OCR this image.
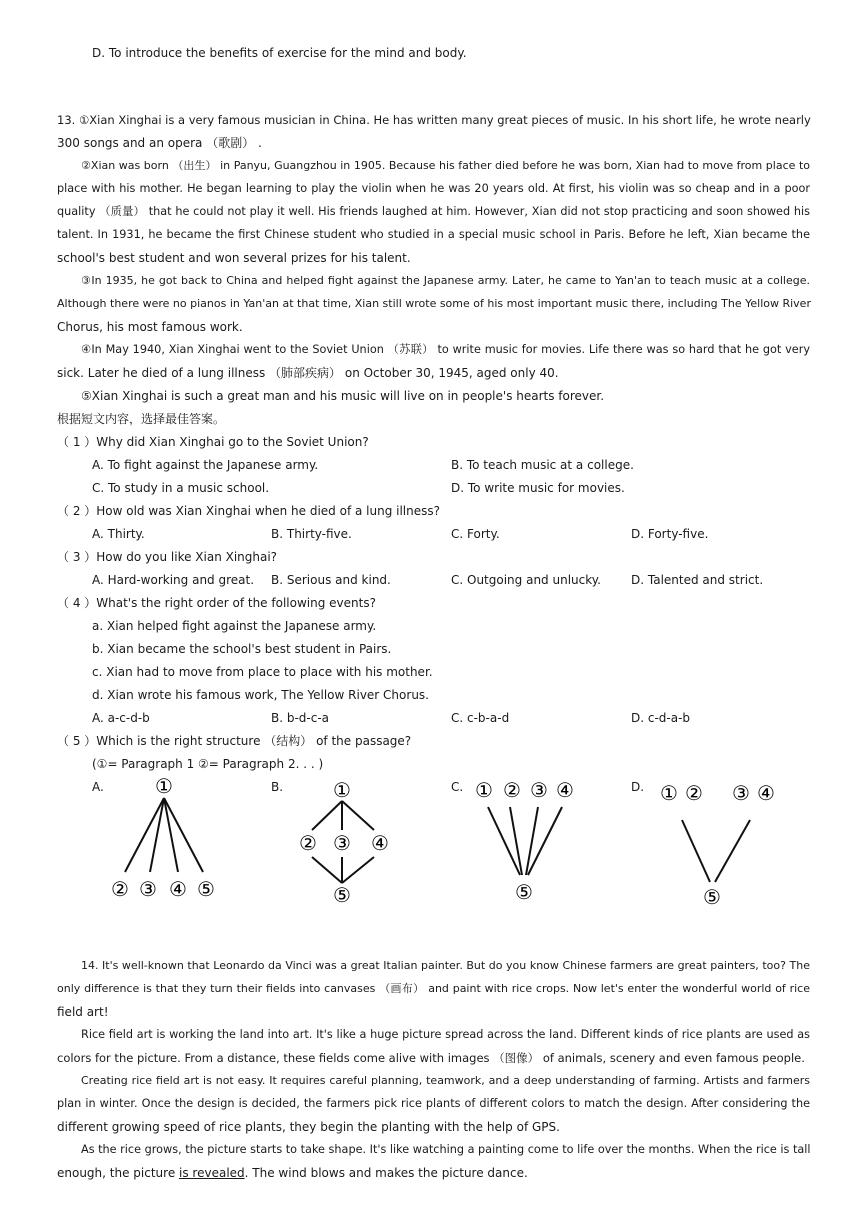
D. To introduce the benefits of exercise for the mind and body.
13. ①Xian Xinghai is a very famous musician in China. He has written many great pieces of music. In his short life, he wrote nearly
300 songs and an opera （歌剧） .
②Xian was born （出生） in Panyu, Guangzhou in 1905. Because his father died before he was born, Xian had to move from place to
place with his mother. He began learning to play the violin when he was 20 years old. At first, his violin was so cheap and in a poor
quality （质量） that he could not play it well. His friends laughed at him. However, Xian did not stop practicing and soon showed his
talent. In 1931, he became the first Chinese student who studied in a special music school in Paris. Before he left, Xian became the
school's best student and won several prizes for his talent.
③In 1935, he got back to China and helped fight against the Japanese army. Later, he came to Yan'an to teach music at a college.
Although there were no pianos in Yan'an at that time, Xian still wrote some of his most important music there, including The Yellow River
Chorus, his most famous work.
④In May 1940, Xian Xinghai went to the Soviet Union （苏联） to write music for movies. Life there was so hard that he got very
sick. Later he died of a lung illness （肺部疾病） on October 30, 1945, aged only 40.
⑤Xian Xinghai is such a great man and his music will live on in people's hearts forever.
根据短文内容，选择最佳答案。
（ 1 ）Why did Xian Xinghai go to the Soviet Union?
A. To fight against the Japanese army.	B. To teach music at a college.
C. To study in a music school.	D. To write music for movies.
（ 2 ）How old was Xian Xinghai when he died of a lung illness?
A. Thirty.	B. Thirty-five.	C. Forty.	D. Forty-five.
（ 3 ）How do you like Xian Xinghai?
A. Hard-working and great. B. Serious and kind.	C. Outgoing and unlucky.	D. Talented and strict.
（ 4 ）What's the right order of the following events?
a. Xian helped fight against the Japanese army.
b. Xian became the school's best student in Pairs.
c. Xian had to move from place to place with his mother.
d. Xian wrote his famous work, The Yellow River Chorus.
A. a-c-d-b	B. b-d-c-a	C. c-b-a-d	D. c-d-a-b
（ 5 ）Which is the right structure （结构） of the passage?
(①= Paragraph 1 ②= Paragraph 2. . . )
A.	B.	C.	D.
①
② ③ ④ ⑤
①
② ③ ④
⑤
① ② ③ ④
⑤
① ② ③ ④
⑤
14. It's well-known that Leonardo da Vinci was a great Italian painter. But do you know Chinese farmers are great painters, too? The
only difference is that they turn their fields into canvases （画布） and paint with rice crops. Now let's enter the wonderful world of rice
field art!
Rice field art is working the land into art. It's like a huge picture spread across the land. Different kinds of rice plants are used as
colors for the picture. From a distance, these fields come alive with images （图像） of animals, scenery and even famous people.
Creating rice field art is not easy. It requires careful planning, teamwork, and a deep understanding of farming. Artists and farmers
plan in winter. Once the design is decided, the farmers pick rice plants of different colors to match the design. After considering the
different growing speed of rice plants, they begin the planting with the help of GPS.
As the rice grows, the picture starts to take shape. It's like watching a painting come to life over the months. When the rice is tall
enough, the picture is revealed. The wind blows and makes the picture dance.
